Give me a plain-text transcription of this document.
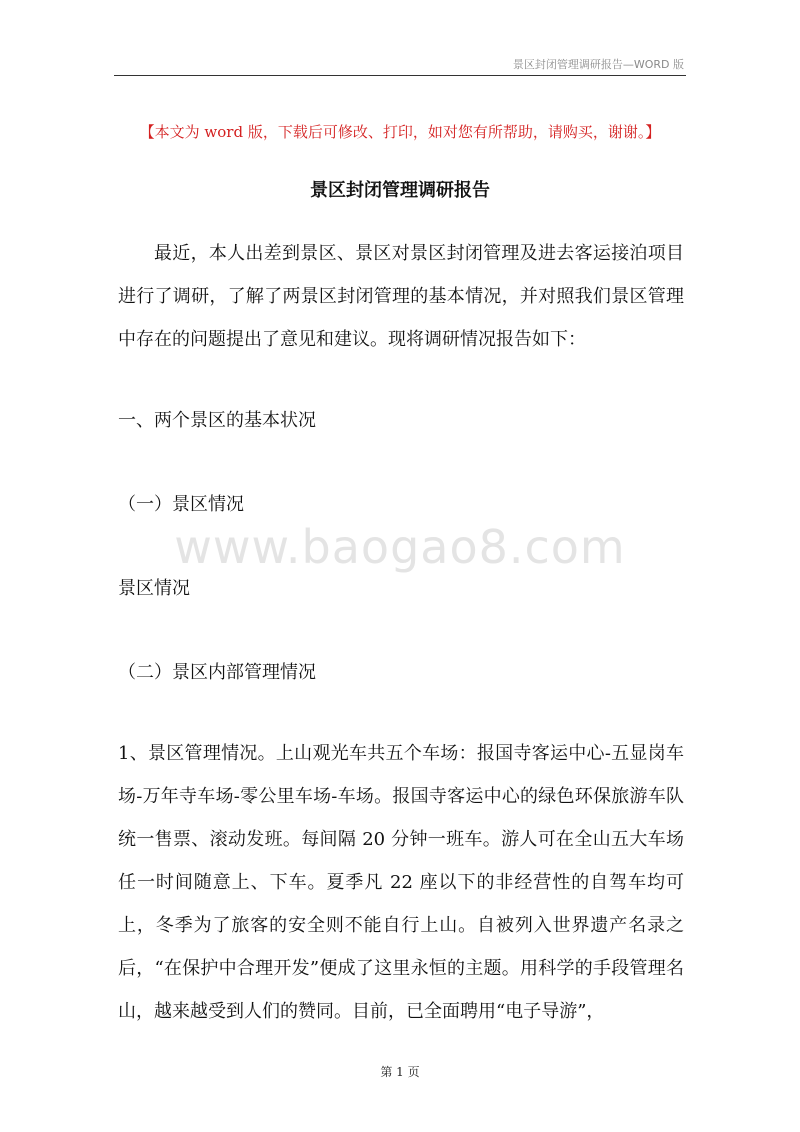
景区封闭管理调研报告—WORD 版
【本文为 word 版，下载后可修改、打印，如对您有所帮助，请购买，谢谢。】
景区封闭管理调研报告

最近，本人出差到景区、景区对景区封闭管理及进去客运接泊项目进行了调研，了解了两景区封闭管理的基本情况，并对照我们景区管理中存在的问题提出了意见和建议。现将调研情况报告如下：

一、两个景区的基本状况
（一）景区情况
www.baogao8.com
景区情况
（二）景区内部管理情况

1、景区管理情况。上山观光车共五个车场：报国寺客运中心-五显岗车场-万年寺车场-零公里车场-车场。报国寺客运中心的绿色环保旅游车队统一售票、滚动发班。每间隔 20 分钟一班车。游人可在全山五大车场任一时间随意上、下车。夏季凡 22 座以下的非经营性的自驾车均可上，冬季为了旅客的安全则不能自行上山。自被列入世界遗产名录之后，“在保护中合理开发”便成了这里永恒的主题。用科学的手段管理名山，越来越受到人们的赞同。目前，已全面聘用“电子导游”，

第 1 页
